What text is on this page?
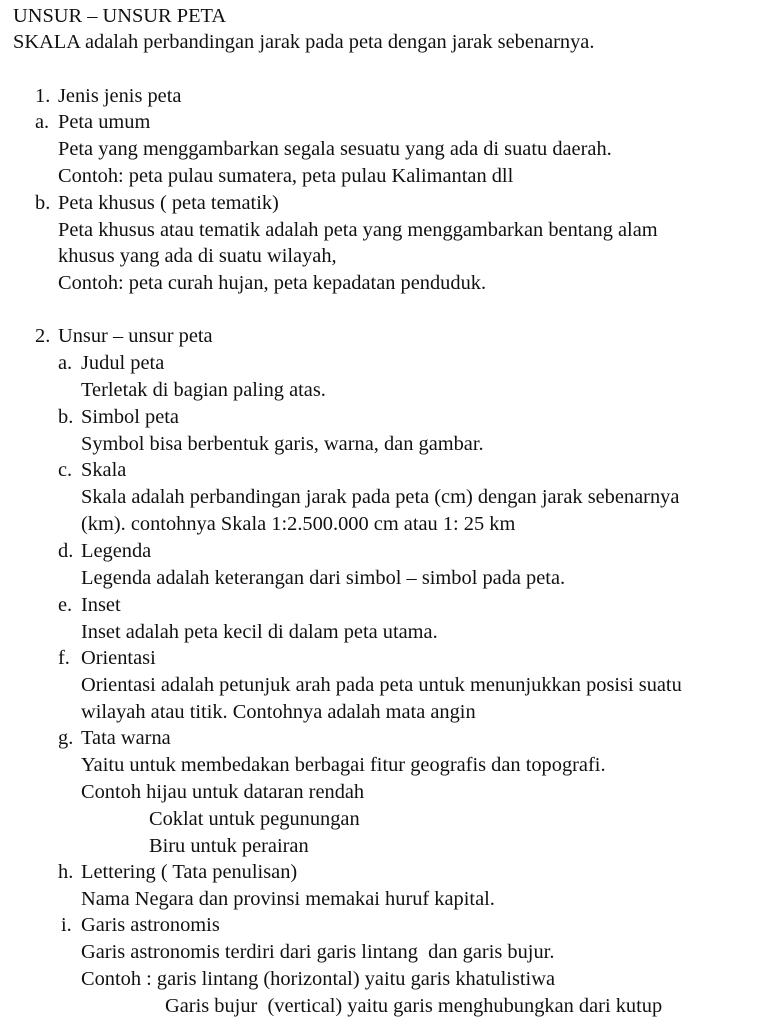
UNSUR – UNSUR PETA
SKALA adalah perbandingan jarak pada peta dengan jarak sebenarnya.
1. Jenis jenis peta
a. Peta umum
Peta yang menggambarkan segala sesuatu yang ada di suatu daerah.
Contoh: peta pulau sumatera, peta pulau Kalimantan dll
b. Peta khusus ( peta tematik)
Peta khusus atau tematik adalah peta yang menggambarkan bentang alam
khusus yang ada di suatu wilayah,
Contoh: peta curah hujan, peta kepadatan penduduk.
2. Unsur – unsur peta
a. Judul peta
Terletak di bagian paling atas.
b. Simbol peta
Symbol bisa berbentuk garis, warna, dan gambar.
c. Skala
Skala adalah perbandingan jarak pada peta (cm) dengan jarak sebenarnya
(km). contohnya Skala 1:2.500.000 cm atau 1: 25 km
d. Legenda
Legenda adalah keterangan dari simbol – simbol pada peta.
e. Inset
Inset adalah peta kecil di dalam peta utama.
f. Orientasi
Orientasi adalah petunjuk arah pada peta untuk menunjukkan posisi suatu
wilayah atau titik. Contohnya adalah mata angin
g. Tata warna
Yaitu untuk membedakan berbagai fitur geografis dan topografi.
Contoh hijau untuk dataran rendah
Coklat untuk pegunungan
Biru untuk perairan
h. Lettering ( Tata penulisan)
Nama Negara dan provinsi memakai huruf kapital.
i. Garis astronomis
Garis astronomis terdiri dari garis lintang  dan garis bujur.
Contoh : garis lintang (horizontal) yaitu garis khatulistiwa
Garis bujur  (vertical) yaitu garis menghubungkan dari kutup
